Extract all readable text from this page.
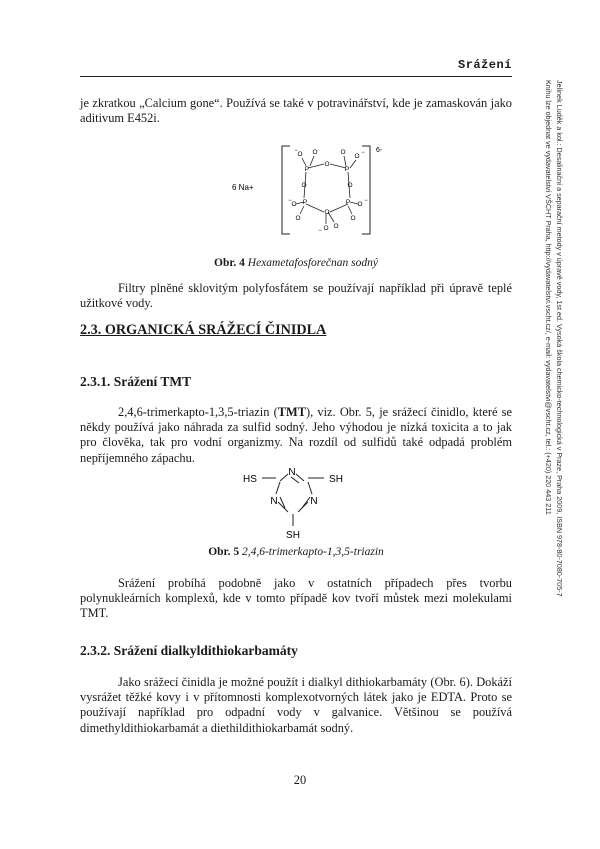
Srážení
Jelínek Luděk a kol.: Desalinační a separační metody v úpravě vody, 1st ed. Vysoká škola chemicko-technologická v Praze, Praha 2009, ISBN 978-80-7080-705-7
Knihu lze objednat ve vydavatelství VŠCHT Praha, http://vydavatelstvi.vscht.cz/, e-mail: vydavatelstvi@vscht.cz, tel.: (+420) 220 443 211

je zkratkou „Calcium gone“. Používá se také v potravinářství, kde je zamaskován jako aditivum E452i.

6-
6 Na+
P
O
P
O
P
O
P
O
O O	O
O
O
O
O
O
O O
−	−
−
−
−

Obr. 4 Hexametafosforečnan sodný

Filtry plněné sklovitým polyfosfátem se používají například při úpravě teplé užitkové vody.

2.3. ORGANICKÁ SRÁŽECÍ ČINIDLA
2.3.1. Srážení TMT

2,4,6-trimerkapto-1,3,5-triazin (TMT), viz. Obr. 5, je srážecí činidlo, které se někdy používá jako náhrada za sulfid sodný. Jeho výhodou je nízká toxicita a to jak pro člověka, tak pro vodní organizmy. Na rozdíl od sulfidů také odpadá problém nepříjemného zápachu.

HS	SH
SH
N
N
N

Obr. 5 2,4,6-trimerkapto-1,3,5-triazin

Srážení probíhá podobně jako v ostatních případech přes tvorbu polynukleárních komplexů, kde v tomto případě kov tvoří můstek mezi molekulami TMT.

2.3.2. Srážení dialkyldithiokarbamáty

Jako srážecí činidla je možné použít i dialkyl dithiokarbamáty (Obr. 6). Dokáží vysrážet těžké kovy i v přítomnosti komplexotvorných látek jako je EDTA. Proto se používají například pro odpadní vody v galvanice. Většinou se používá dimethyldithiokarbamát a diethildithiokarbamát sodný.

20
